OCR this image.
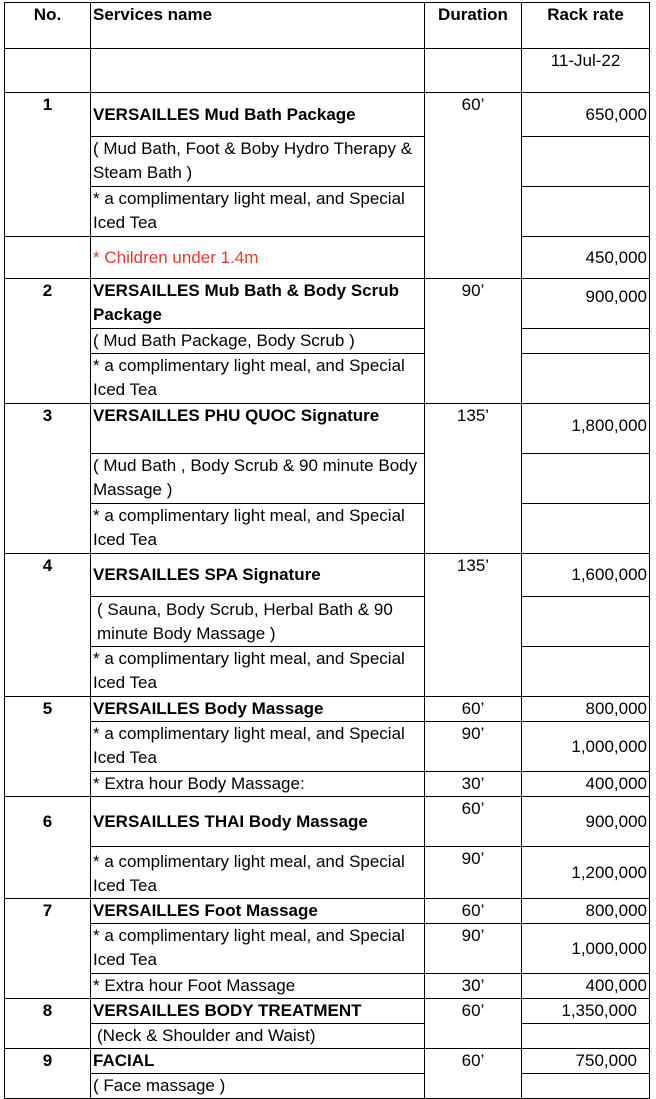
No.	Services name	Duration	Rack rate
			11-Jul-22
1	VERSAILLES Mud Bath Package	60’	650,000
	( Mud Bath, Foot & Boby Hydro Therapy & Steam Bath )		
	* a complimentary light meal, and Special Iced Tea		
	* Children under 1.4m		450,000
2	VERSAILLES Mub Bath & Body Scrub Package	90’	900,000
	( Mud Bath Package, Body Scrub )		
	* a complimentary light meal, and Special Iced Tea		
3	VERSAILLES PHU QUOC Signature	135’	1,800,000
	( Mud Bath , Body Scrub & 90 minute Body Massage )		
	* a complimentary light meal, and Special Iced Tea		
4	VERSAILLES SPA Signature	135’	1,600,000
	( Sauna, Body Scrub, Herbal Bath & 90 minute Body Massage )		
	* a complimentary light meal, and Special Iced Tea		
5	VERSAILLES Body Massage	60’	800,000
	* a complimentary light meal, and Special Iced Tea	90’	1,000,000
	* Extra hour Body Massage:	30’	400,000
6	VERSAILLES THAI Body Massage	60’	900,000
	* a complimentary light meal, and Special Iced Tea	90’	1,200,000
7	VERSAILLES Foot Massage	60’	800,000
	* a complimentary light meal, and Special Iced Tea	90’	1,000,000
	* Extra hour Foot Massage	30’	400,000
8	VERSAILLES BODY TREATMENT	60’	1,350,000
	(Neck & Shoulder and Waist)		
9	FACIAL	60’	750,000
	( Face massage )		
